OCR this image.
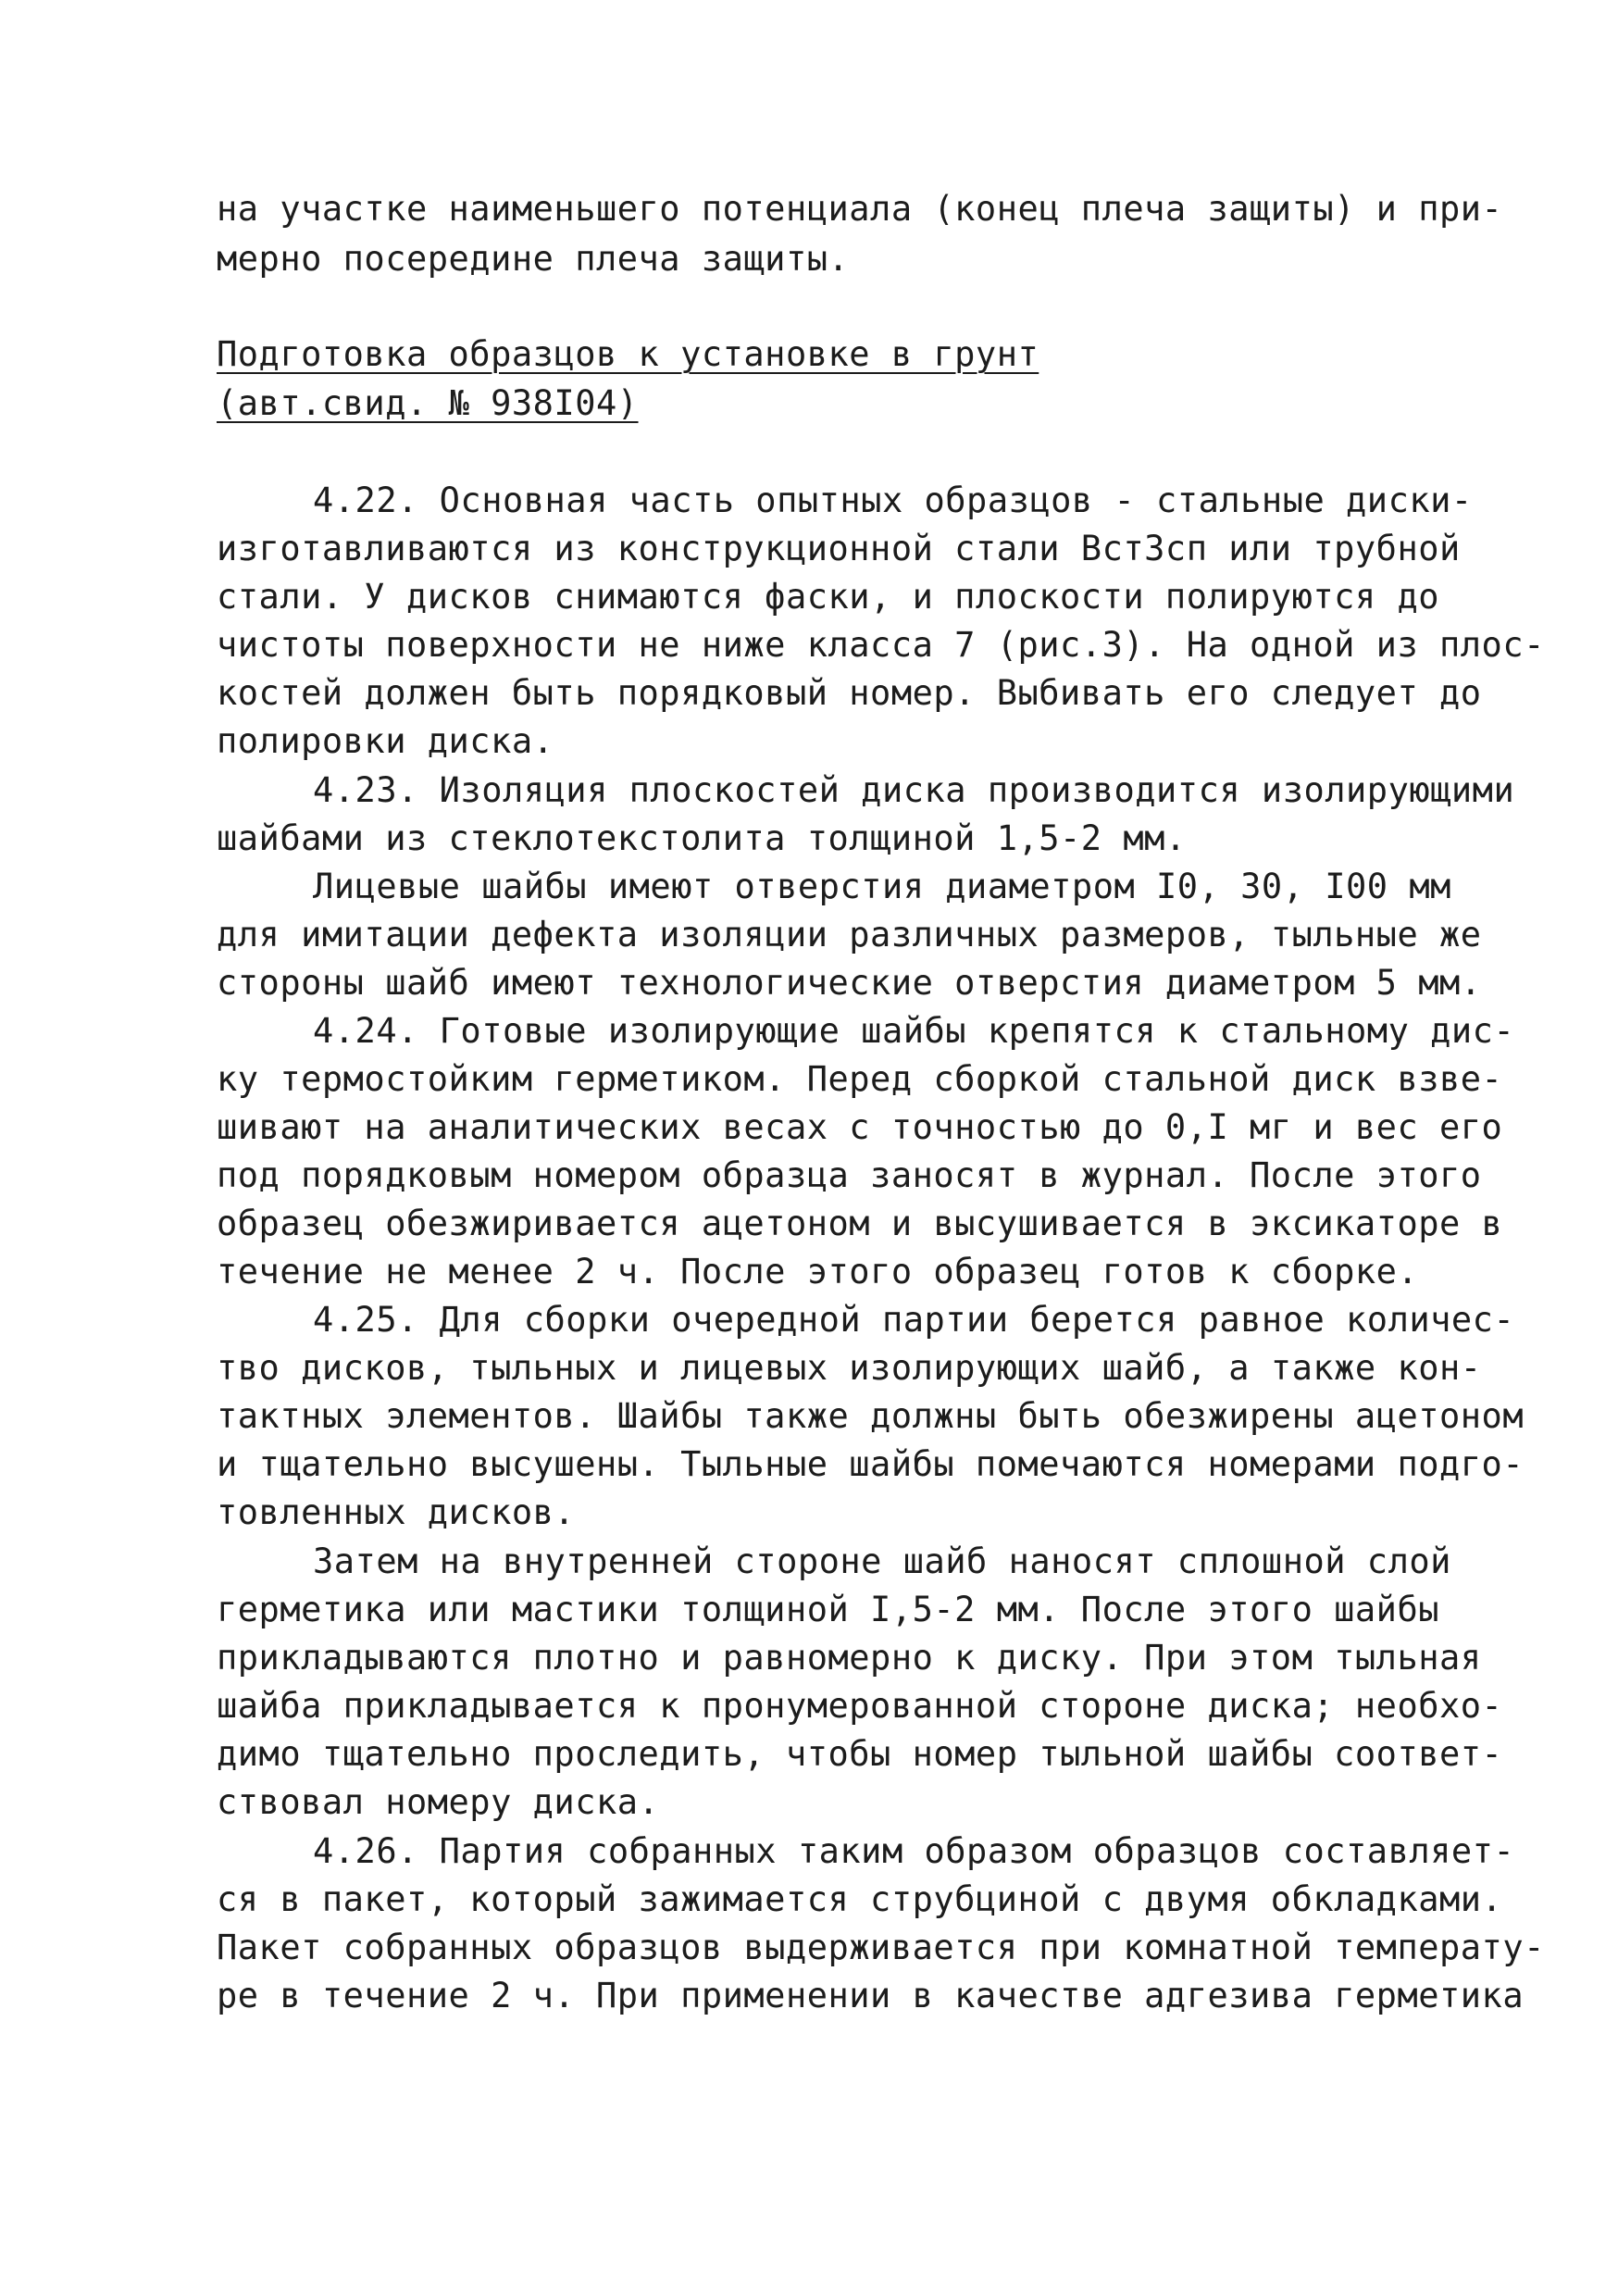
на участке наименьшего потенциала (конец плеча защиты) и при-
мерно посередине плеча защиты.
Подготовка образцов к установке в грунт
(авт.свид. № 938I04)
4.22. Основная часть опытных образцов - стальные диски-
изготавливаются из конструкционной стали ВстЗсп или трубной
стали. У дисков снимаются фаски, и плоскости полируются до
чистоты поверхности не ниже класса 7 (рис.3). На одной из плос-
костей должен быть порядковый номер. Выбивать его следует до
полировки диска.
4.23. Изоляция плоскостей диска производится изолирующими
шайбами из стеклотекстолита толщиной 1,5-2 мм.
Лицевые шайбы имеют отверстия диаметром I0, 30, I00 мм
для имитации дефекта изоляции различных размеров, тыльные же
стороны шайб имеют технологические отверстия диаметром 5 мм.
4.24. Готовые изолирующие шайбы крепятся к стальному дис-
ку термостойким герметиком. Перед сборкой стальной диск взве-
шивают на аналитических весах с точностью до 0,I мг и вес его
под порядковым номером образца заносят в журнал. После этого
образец обезжиривается ацетоном и высушивается в эксикаторе в
течение не менее 2 ч. После этого образец готов к сборке.
4.25. Для сборки очередной партии берется равное количес-
тво дисков, тыльных и лицевых изолирующих шайб, а также кон-
тактных элементов. Шайбы также должны быть обезжирены ацетоном
и тщательно высушены. Тыльные шайбы помечаются номерами подго-
товленных дисков.
Затем на внутренней стороне шайб наносят сплошной слой
герметика или мастики толщиной I,5-2 мм. После этого шайбы
прикладываются плотно и равномерно к диску. При этом тыльная
шайба прикладывается к пронумерованной стороне диска; необхо-
димо тщательно проследить, чтобы номер тыльной шайбы соответ-
ствовал номеру диска.
4.26. Партия собранных таким образом образцов составляет-
ся в пакет, который зажимается струбциной с двумя обкладками.
Пакет собранных образцов выдерживается при комнатной температу-
ре в течение 2 ч. При применении в качестве адгезива герметика
